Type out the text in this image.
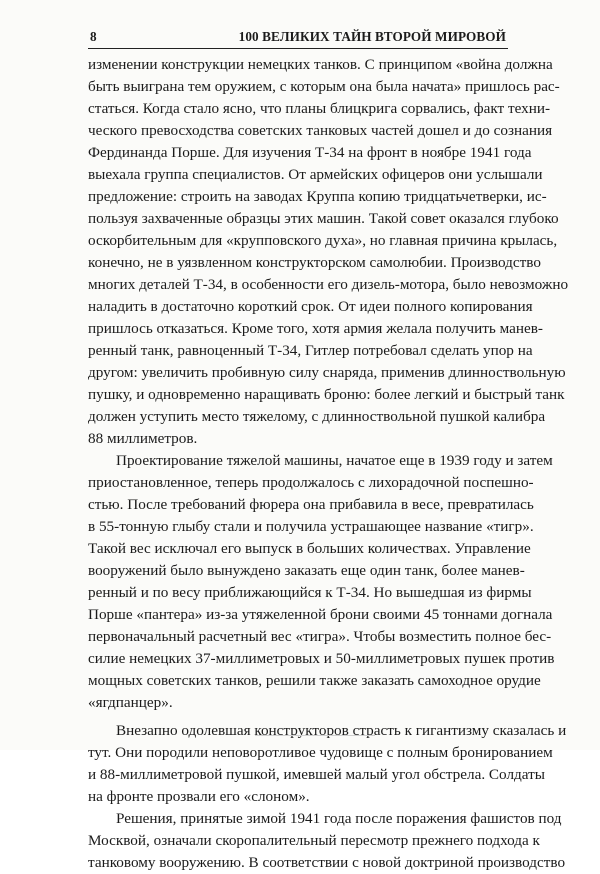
8	100 ВЕЛИКИХ ТАЙН ВТОРОЙ МИРОВОЙ
изменении конструкции немецких танков. С принципом «война должна
быть выиграна тем оружием, с которым она была начата» пришлось рас-
статься. Когда стало ясно, что планы блицкрига сорвались, факт техни-
ческого превосходства советских танковых частей дошел и до сознания
Фердинанда Порше. Для изучения Т-34 на фронт в ноябре 1941 года
выехала группа специалистов. От армейских офицеров они услышали
предложение: строить на заводах Круппа копию тридцатьчетверки, ис-
пользуя захваченные образцы этих машин. Такой совет оказался глубоко
оскорбительным для «крупповского духа», но главная причина крылась,
конечно, не в уязвленном конструкторском самолюбии. Производство
многих деталей Т-34, в особенности его дизель-мотора, было невозможно
наладить в достаточно короткий срок. От идеи полного копирования
пришлось отказаться. Кроме того, хотя армия желала получить манев-
ренный танк, равноценный Т-34, Гитлер потребовал сделать упор на
другом: увеличить пробивную силу снаряда, применив длинноствольную
пушку, и одновременно наращивать броню: более легкий и быстрый танк
должен уступить место тяжелому, с длинноствольной пушкой калибра
88 миллиметров.
Проектирование тяжелой машины, начатое еще в 1939 году и затем
приостановленное, теперь продолжалось с лихорадочной поспешно-
стью. После требований фюрера она прибавила в весе, превратилась
в 55-тонную глыбу стали и получила устрашающее название «тигр».
Такой вес исключал его выпуск в больших количествах. Управление
вооружений было вынуждено заказать еще один танк, более манев-
ренный и по весу приближающийся к Т-34. Но вышедшая из фирмы
Порше «пантера» из-за утяжеленной брони своими 45 тоннами догнала
первоначальный расчетный вес «тигра». Чтобы возместить полное бес-
силие немецких 37-миллиметровых и 50-миллиметровых пушек против
мощных советских танков, решили также заказать самоходное орудие
«ягдпанцер».
Внезапно одолевшая конструкторов страсть к гигантизму сказалась и
тут. Они породили неповоротливое чудовище с полным бронированием
и 88-миллиметровой пушкой, имевшей малый угол обстрела. Солдаты
на фронте прозвали его «слоном».
Решения, принятые зимой 1941 года после поражения фашистов под
Москвой, означали скоропалительный пересмотр прежнего подхода к
танковому вооружению. В соответствии с новой доктриной производство
